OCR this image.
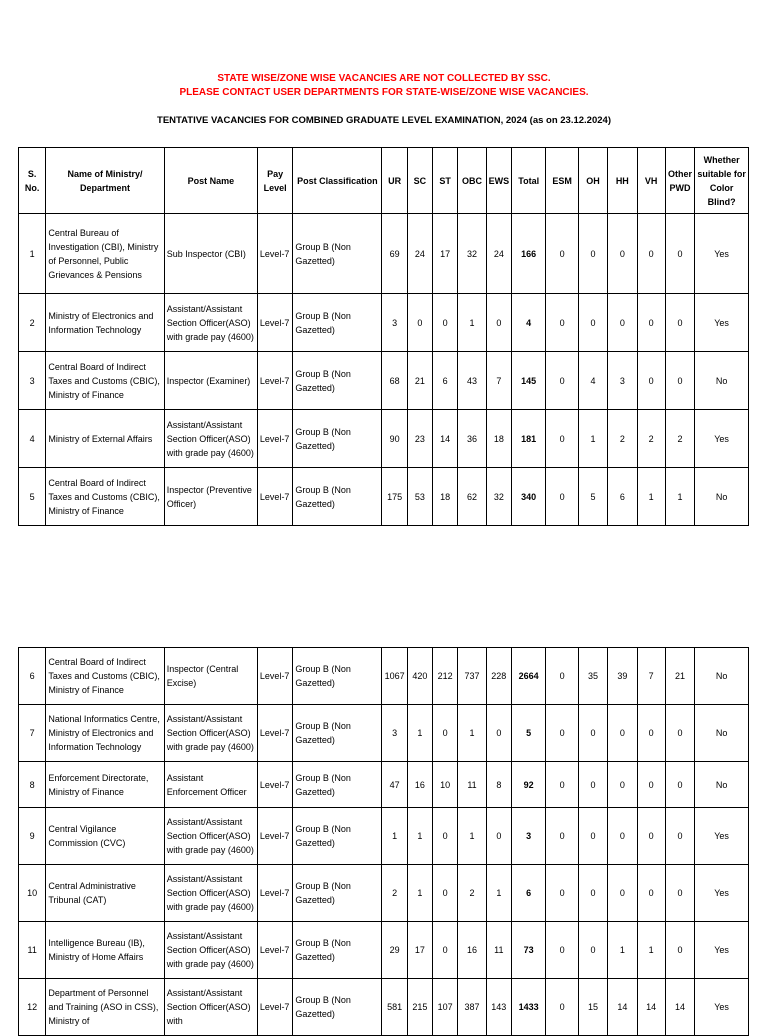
STATE WISE/ZONE WISE VACANCIES ARE NOT COLLECTED BY SSC.
PLEASE CONTACT USER DEPARTMENTS FOR STATE-WISE/ZONE WISE VACANCIES.
TENTATIVE VACANCIES FOR COMBINED GRADUATE LEVEL EXAMINATION, 2024 (as on 23.12.2024)
S. No.	Name of Ministry/ Department	Post Name	Pay Level	Post Classification	UR	SC	ST	OBC	EWS	Total	ESM	OH	HH	VH	Other PWD	Whether suitable for Color Blind?
1	Central Bureau of Investigation (CBI), Ministry of Personnel, Public Grievances & Pensions	Sub Inspector (CBI)	Level-7	Group B (Non Gazetted)	69	24	17	32	24	166	0	0	0	0	0	Yes
2	Ministry of Electronics and Information Technology	Assistant/Assistant Section Officer(ASO) with grade pay (4600)	Level-7	Group B (Non Gazetted)	3	0	0	1	0	4	0	0	0	0	0	Yes
3	Central Board of Indirect Taxes and Customs (CBIC), Ministry of Finance	Inspector (Examiner)	Level-7	Group B (Non Gazetted)	68	21	6	43	7	145	0	4	3	0	0	No
4	Ministry of External Affairs	Assistant/Assistant Section Officer(ASO) with grade pay (4600)	Level-7	Group B (Non Gazetted)	90	23	14	36	18	181	0	1	2	2	2	Yes
5	Central Board of Indirect Taxes and Customs (CBIC), Ministry of Finance	Inspector (Preventive Officer)	Level-7	Group B (Non Gazetted)	175	53	18	62	32	340	0	5	6	1	1	No
6	Central Board of Indirect Taxes and Customs (CBIC), Ministry of Finance	Inspector (Central Excise)	Level-7	Group B (Non Gazetted)	1067	420	212	737	228	2664	0	35	39	7	21	No
7	National Informatics Centre, Ministry of Electronics and Information Technology	Assistant/Assistant Section Officer(ASO) with grade pay (4600)	Level-7	Group B (Non Gazetted)	3	1	0	1	0	5	0	0	0	0	0	No
8	Enforcement Directorate, Ministry of Finance	Assistant Enforcement Officer	Level-7	Group B (Non Gazetted)	47	16	10	11	8	92	0	0	0	0	0	No
9	Central Vigilance Commission (CVC)	Assistant/Assistant Section Officer(ASO) with grade pay (4600)	Level-7	Group B (Non Gazetted)	1	1	0	1	0	3	0	0	0	0	0	Yes
10	Central Administrative Tribunal (CAT)	Assistant/Assistant Section Officer(ASO) with grade pay (4600)	Level-7	Group B (Non Gazetted)	2	1	0	2	1	6	0	0	0	0	0	Yes
11	Intelligence Bureau (IB), Ministry of Home Affairs	Assistant/Assistant Section Officer(ASO) with grade pay (4600)	Level-7	Group B (Non Gazetted)	29	17	0	16	11	73	0	0	1	1	0	Yes
12	Department of Personnel and Training (ASO in CSS), Ministry of	Assistant/Assistant Section Officer(ASO) with	Level-7	Group B (Non Gazetted)	581	215	107	387	143	1433	0	15	14	14	14	Yes
